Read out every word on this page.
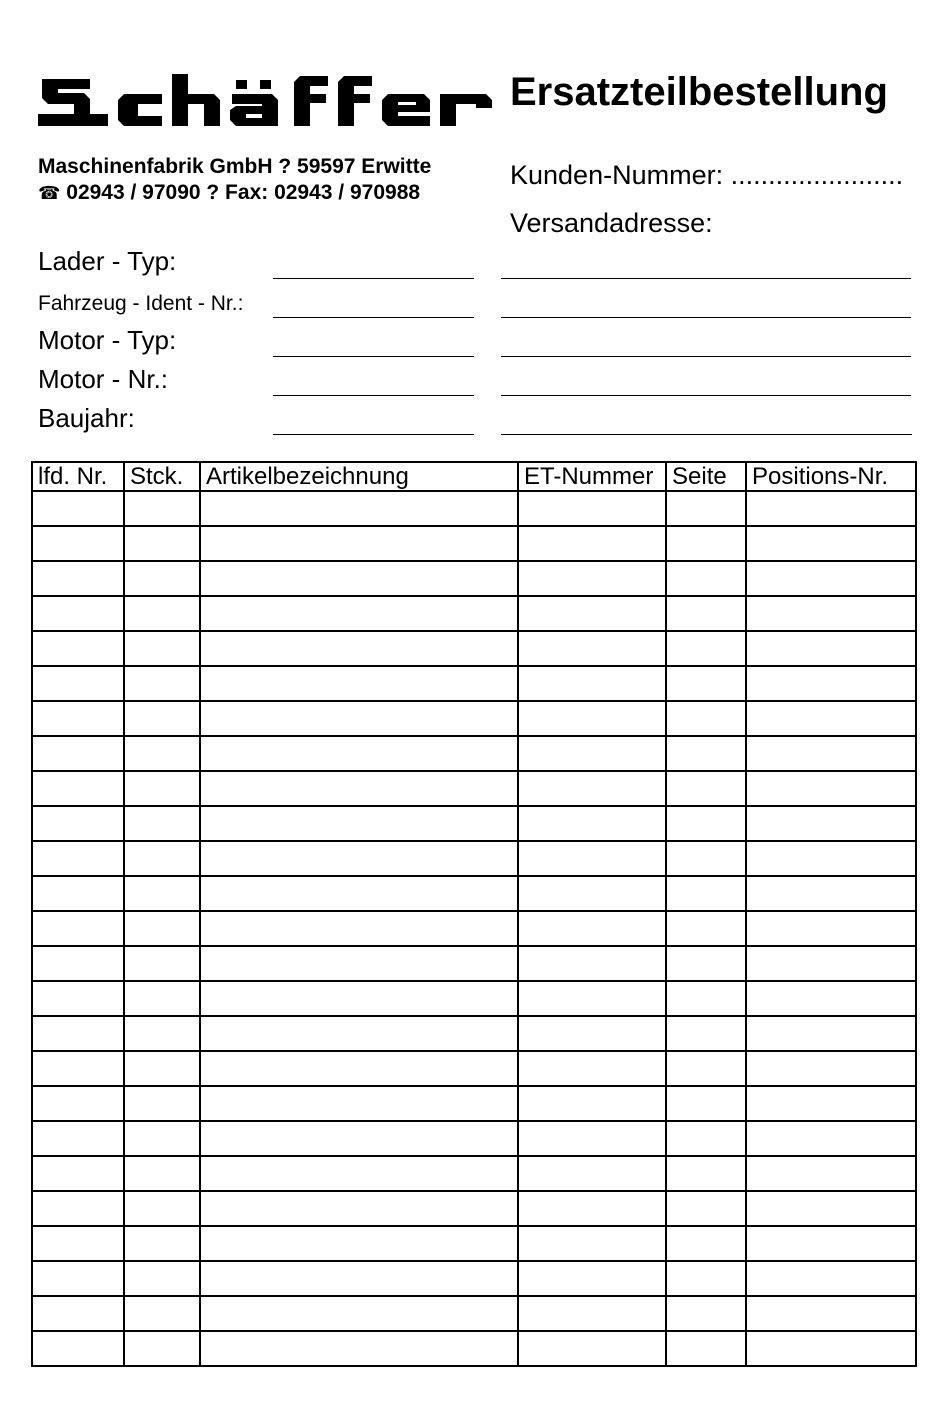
Ersatzteilbestellung
Maschinenfabrik GmbH ? 59597 Erwitte
☎ 02943 / 97090 ? Fax: 02943 / 970988
Kunden-Nummer: .......................
Versandadresse:
Lader - Typ:
Fahrzeug - Ident - Nr.:
Motor - Typ:
Motor - Nr.:
Baujahr:
lfd. Nr.	Stck.	Artikelbezeichnung	ET-Nummer	Seite	Positions-Nr.
